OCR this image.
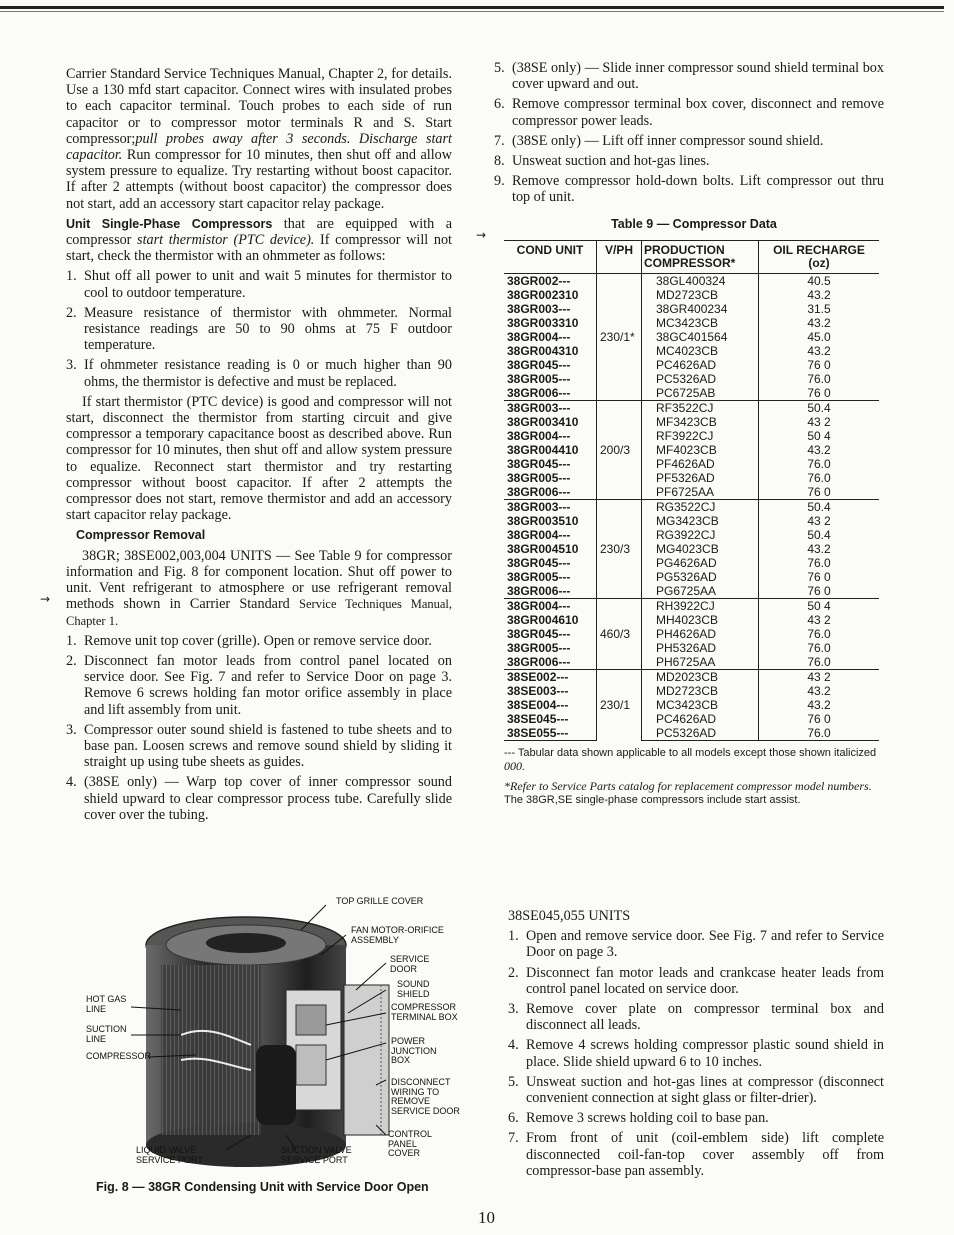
Carrier Standard Service Techniques Manual, Chapter 2, for details. Use a 130 mfd start capacitor. Connect wires with insulated probes to each capacitor terminal. Touch probes to each side of run capacitor or to compressor motor terminals R and S. Start compressor;pull probes away after 3 seconds. Discharge start capacitor. Run compressor for 10 minutes, then shut off and allow system pressure to equalize. Try restarting without boost capacitor. If after 2 attempts (without boost capacitor) the compressor does not start, add an accessory start capacitor relay package.

Unit Single-Phase Compressors that are equipped with a compressor start thermistor (PTC device). If compressor will not start, check the thermistor with an ohmmeter as follows:

1. Shut off all power to unit and wait 5 minutes for thermistor to cool to outdoor temperature.
2. Measure resistance of thermistor with ohmmeter. Normal resistance readings are 50 to 90 ohms at 75 F outdoor temperature.
3. If ohmmeter resistance reading is 0 or much higher than 90 ohms, the thermistor is defective and must be replaced.

If start thermistor (PTC device) is good and compressor will not start, disconnect the thermistor from starting circuit and give compressor a temporary capacitance boost as described above. Run compressor for 10 minutes, then shut off and allow system pressure to equalize. Reconnect start thermistor and try restarting compressor without boost capacitor. If after 2 attempts the compressor does not start, remove thermistor and add an accessory start capacitor relay package.

Compressor Removal

38GR; 38SE002,003,004 UNITS — See Table 9 for compressor information and Fig. 8 for component location. Shut off power to unit. Vent refrigerant to atmosphere or use refrigerant removal methods shown in Carrier Standard Service Techniques Manual, Chapter 1.

1. Remove unit top cover (grille). Open or remove service door.
2. Disconnect fan motor leads from control panel located on service door. See Fig. 7 and refer to Service Door on page 3. Remove 6 screws holding fan motor orifice assembly in place and lift assembly from unit.
3. Compressor outer sound shield is fastened to tube sheets and to base pan. Loosen screws and remove sound shield by sliding it straight up using tube sheets as guides.
4. (38SE only) — Warp top cover of inner compressor sound shield upward to clear compressor process tube. Carefully slide cover over the tubing.
→
→
TOP GRILLE COVER
FAN MOTOR-ORIFICE ASSEMBLY
SERVICE DOOR
SOUND SHIELD
COMPRESSOR TERMINAL BOX
POWER JUNCTION BOX
DISCONNECT WIRING TO REMOVE SERVICE DOOR
CONTROL PANEL COVER
HOT GAS LINE
SUCTION LINE
COMPRESSOR
LIQUID VALVE SERVICE PORT
SUCTION VALVE SERVICE PORT
Fig. 8 — 38GR Condensing Unit with Service Door Open
5. (38SE only) — Slide inner compressor sound shield terminal box cover upward and out.
6. Remove compressor terminal box cover, disconnect and remove compressor power leads.
7. (38SE only) — Lift off inner compressor sound shield.
8. Unsweat suction and hot-gas lines.
9. Remove compressor hold-down bolts. Lift compressor out thru top of unit.
Table 9 — Compressor Data
COND UNIT	V/PH	PRODUCTION COMPRESSOR*	OIL RECHARGE
(oz)
38GR002---	230/1*	38GL400324	40.5
38GR002310		MD2723CB	43.2
38GR003---		38GR400234	31.5
38GR003310		MC3423CB	43.2
38GR004---		38GC401564	45.0
38GR004310		MC4023CB	43.2
38GR045---		PC4626AD	76 0
38GR005---		PC5326AD	76.0
38GR006---		PC6725AB	76 0
38GR003---	200/3	RF3522CJ	50.4
38GR003410		MF3423CB	43 2
38GR004---		RF3922CJ	50 4
38GR004410		MF4023CB	43.2
38GR045---		PF4626AD	76.0
38GR005---		PF5326AD	76.0
38GR006---		PF6725AA	76 0
38GR003---	230/3	RG3522CJ	50.4
38GR003510		MG3423CB	43 2
38GR004---		RG3922CJ	50.4
38GR004510		MG4023CB	43.2
38GR045---		PG4626AD	76.0
38GR005---		PG5326AD	76 0
38GR006---		PG6725AA	76 0
38GR004---	460/3	RH3922CJ	50 4
38GR004610		MH4023CB	43 2
38GR045---		PH4626AD	76.0
38GR005---		PH5326AD	76.0
38GR006---		PH6725AA	76.0
38SE002---	230/1	MD2023CB	43 2
38SE003---		MD2723CB	43.2
38SE004---		MC3423CB	43.2
38SE045---		PC4626AD	76 0
38SE055---		PC5326AD	76.0
--- Tabular data shown applicable to all models except those shown italicized 000.
*Refer to Service Parts catalog for replacement compressor model numbers. The 38GR,SE single-phase compressors include start assist.

38SE045,055 UNITS

1. Open and remove service door. See Fig. 7 and refer to Service Door on page 3.
2. Disconnect fan motor leads and crankcase heater leads from control panel located on service door.
3. Remove cover plate on compressor terminal box and disconnect all leads.
4. Remove 4 screws holding compressor plastic sound shield in place. Slide shield upward 6 to 10 inches.
5. Unsweat suction and hot-gas lines at compressor (disconnect convenient connection at sight glass or filter-drier).
6. Remove 3 screws holding coil to base pan.
7. From front of unit (coil-emblem side) lift complete disconnected coil-fan-top cover assembly off from compressor-base pan assembly.
10
